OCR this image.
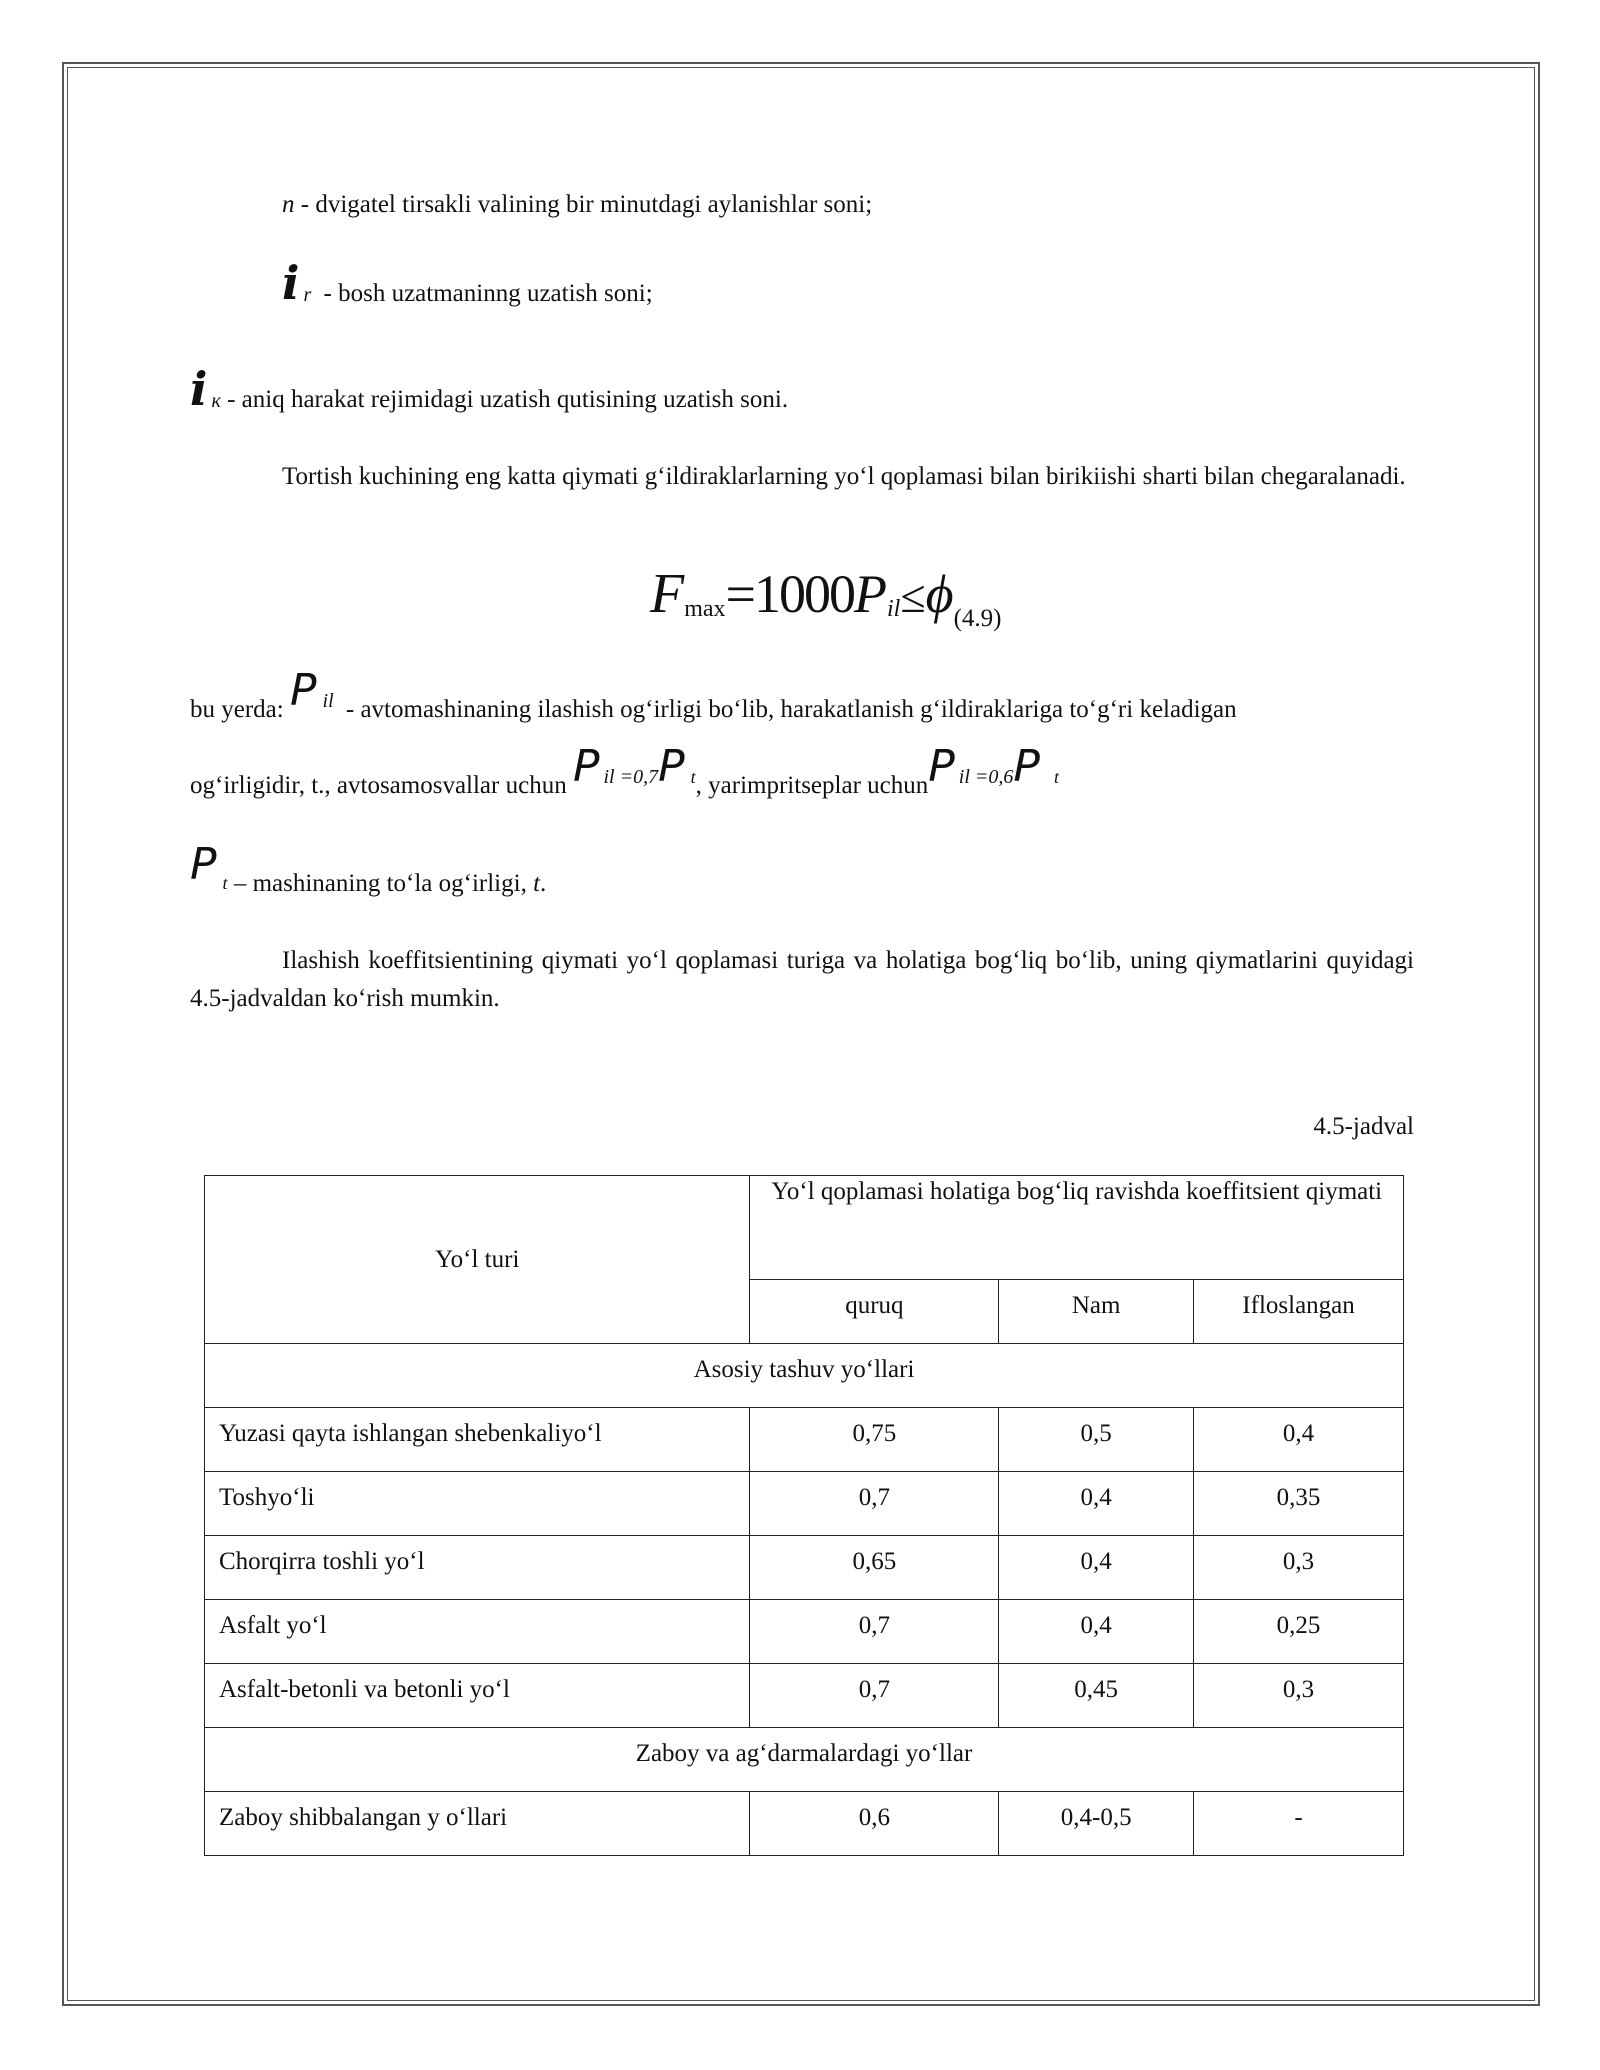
n - dvigatel tirsakli valining bir minutdagi aylanishlar soni;
i $_r$ - bosh uzatmaninng uzatish soni;
i $_к$ - aniq harakat rejimidagi uzatish qutisining uzatish soni.
Tortish kuchining eng katta qiymati g‘ildiraklarlarning yo‘l qoplamasi bilan birikiishi sharti bilan chegaralanadi.
Fmax=1000Pil≤ϕ(4.9)
bu yerda: P il - avtomashinaning ilashish og‘irligi bo‘lib, harakatlanish g‘ildiraklariga to‘g‘ri keladigan
og‘irligidir, t., avtosamosvallar uchun P il =0,7P t, yarimpritseplar uchunP il =0,6P t
P $_t$ – mashinaning to‘la og‘irligi, t.
Ilashish koeffitsientining qiymati yo‘l qoplamasi turiga va holatiga bog‘liq bo‘lib, uning qiymatlarini quyidagi 4.5-jadvaldan ko‘rish mumkin.
4.5-jadval
Yo‘l turi	Yo‘l qoplamasi holatiga bog‘liq ravishda koeffitsient qiymati		
	quruq	Nam	Ifloslangan
Asosiy tashuv yo‘llari			
Yuzasi qayta ishlangan shebenkaliyo‘l	0,75	0,5	0,4
Toshyo‘li	0,7	0,4	0,35
Chorqirra toshli yo‘l	0,65	0,4	0,3
Asfalt yo‘l	0,7	0,4	0,25
Asfalt-betonli va betonli yo‘l	0,7	0,45	0,3
Zaboy va ag‘darmalardagi yo‘llar			
Zaboy shibbalangan y o‘llari	0,6	0,4-0,5	-
